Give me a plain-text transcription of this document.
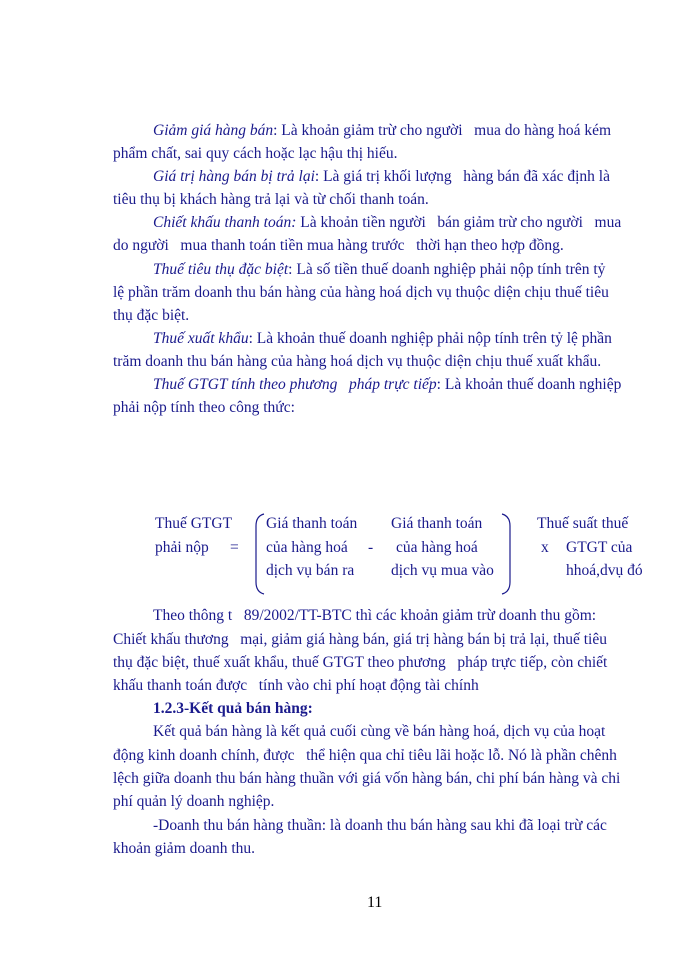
Giảm giá hàng bán: Là khoản giảm trừ cho người   mua do hàng hoá kém
phẩm chất, sai quy cách hoặc lạc hậu thị hiếu.
Giá trị hàng bán bị trả lại: Là giá trị khối lượng   hàng bán đã xác định là
tiêu thụ bị khách hàng trả lại và từ chối thanh toán.
Chiết khấu thanh toán: Là khoản tiền người   bán giảm trừ cho người   mua
do người   mua thanh toán tiền mua hàng trước   thời hạn theo hợp đồng.
Thuế tiêu thụ đặc biệt: Là số tiền thuế doanh nghiệp phải nộp tính trên tỷ
lệ phần trăm doanh thu bán hàng của hàng hoá dịch vụ thuộc diện chịu thuế tiêu
thụ đặc biệt.
Thuế xuất khẩu: Là khoản thuế doanh nghiệp phải nộp tính trên tỷ lệ phần
trăm doanh thu bán hàng của hàng hoá dịch vụ thuộc diện chịu thuế xuất khẩu.
Thuế GTGT tính theo phương   pháp trực tiếp: Là khoản thuế doanh nghiệp
phải nộp tính theo công thức:
Thuế GTGT
phải nộp =
Giá thanh toán
của hàng hoá
dịch vụ bán ra
-
Giá thanh toán
của hàng hoá
dịch vụ mua vào
Thuế suất thuế
x GTGT của
hhoá,dvụ đó
Theo thông t   89/2002/TT-BTC thì các khoản giảm trừ doanh thu gồm:
Chiết khấu thương   mại, giảm giá hàng bán, giá trị hàng bán bị trả lại, thuế tiêu
thụ đặc biệt, thuế xuất khẩu, thuế GTGT theo phương   pháp trực tiếp, còn chiết
khấu thanh toán được   tính vào chi phí hoạt động tài chính
1.2.3-Kết quả bán hàng:
Kết quả bán hàng là kết quả cuối cùng về bán hàng hoá, dịch vụ của hoạt
động kinh doanh chính, được   thể hiện qua chỉ tiêu lãi hoặc lỗ. Nó là phần chênh
lệch giữa doanh thu bán hàng thuần với giá vốn hàng bán, chi phí bán hàng và chi
phí quản lý doanh nghiệp.
-Doanh thu bán hàng thuần: là doanh thu bán hàng sau khi đã loại trừ các
khoản giảm doanh thu.
11
